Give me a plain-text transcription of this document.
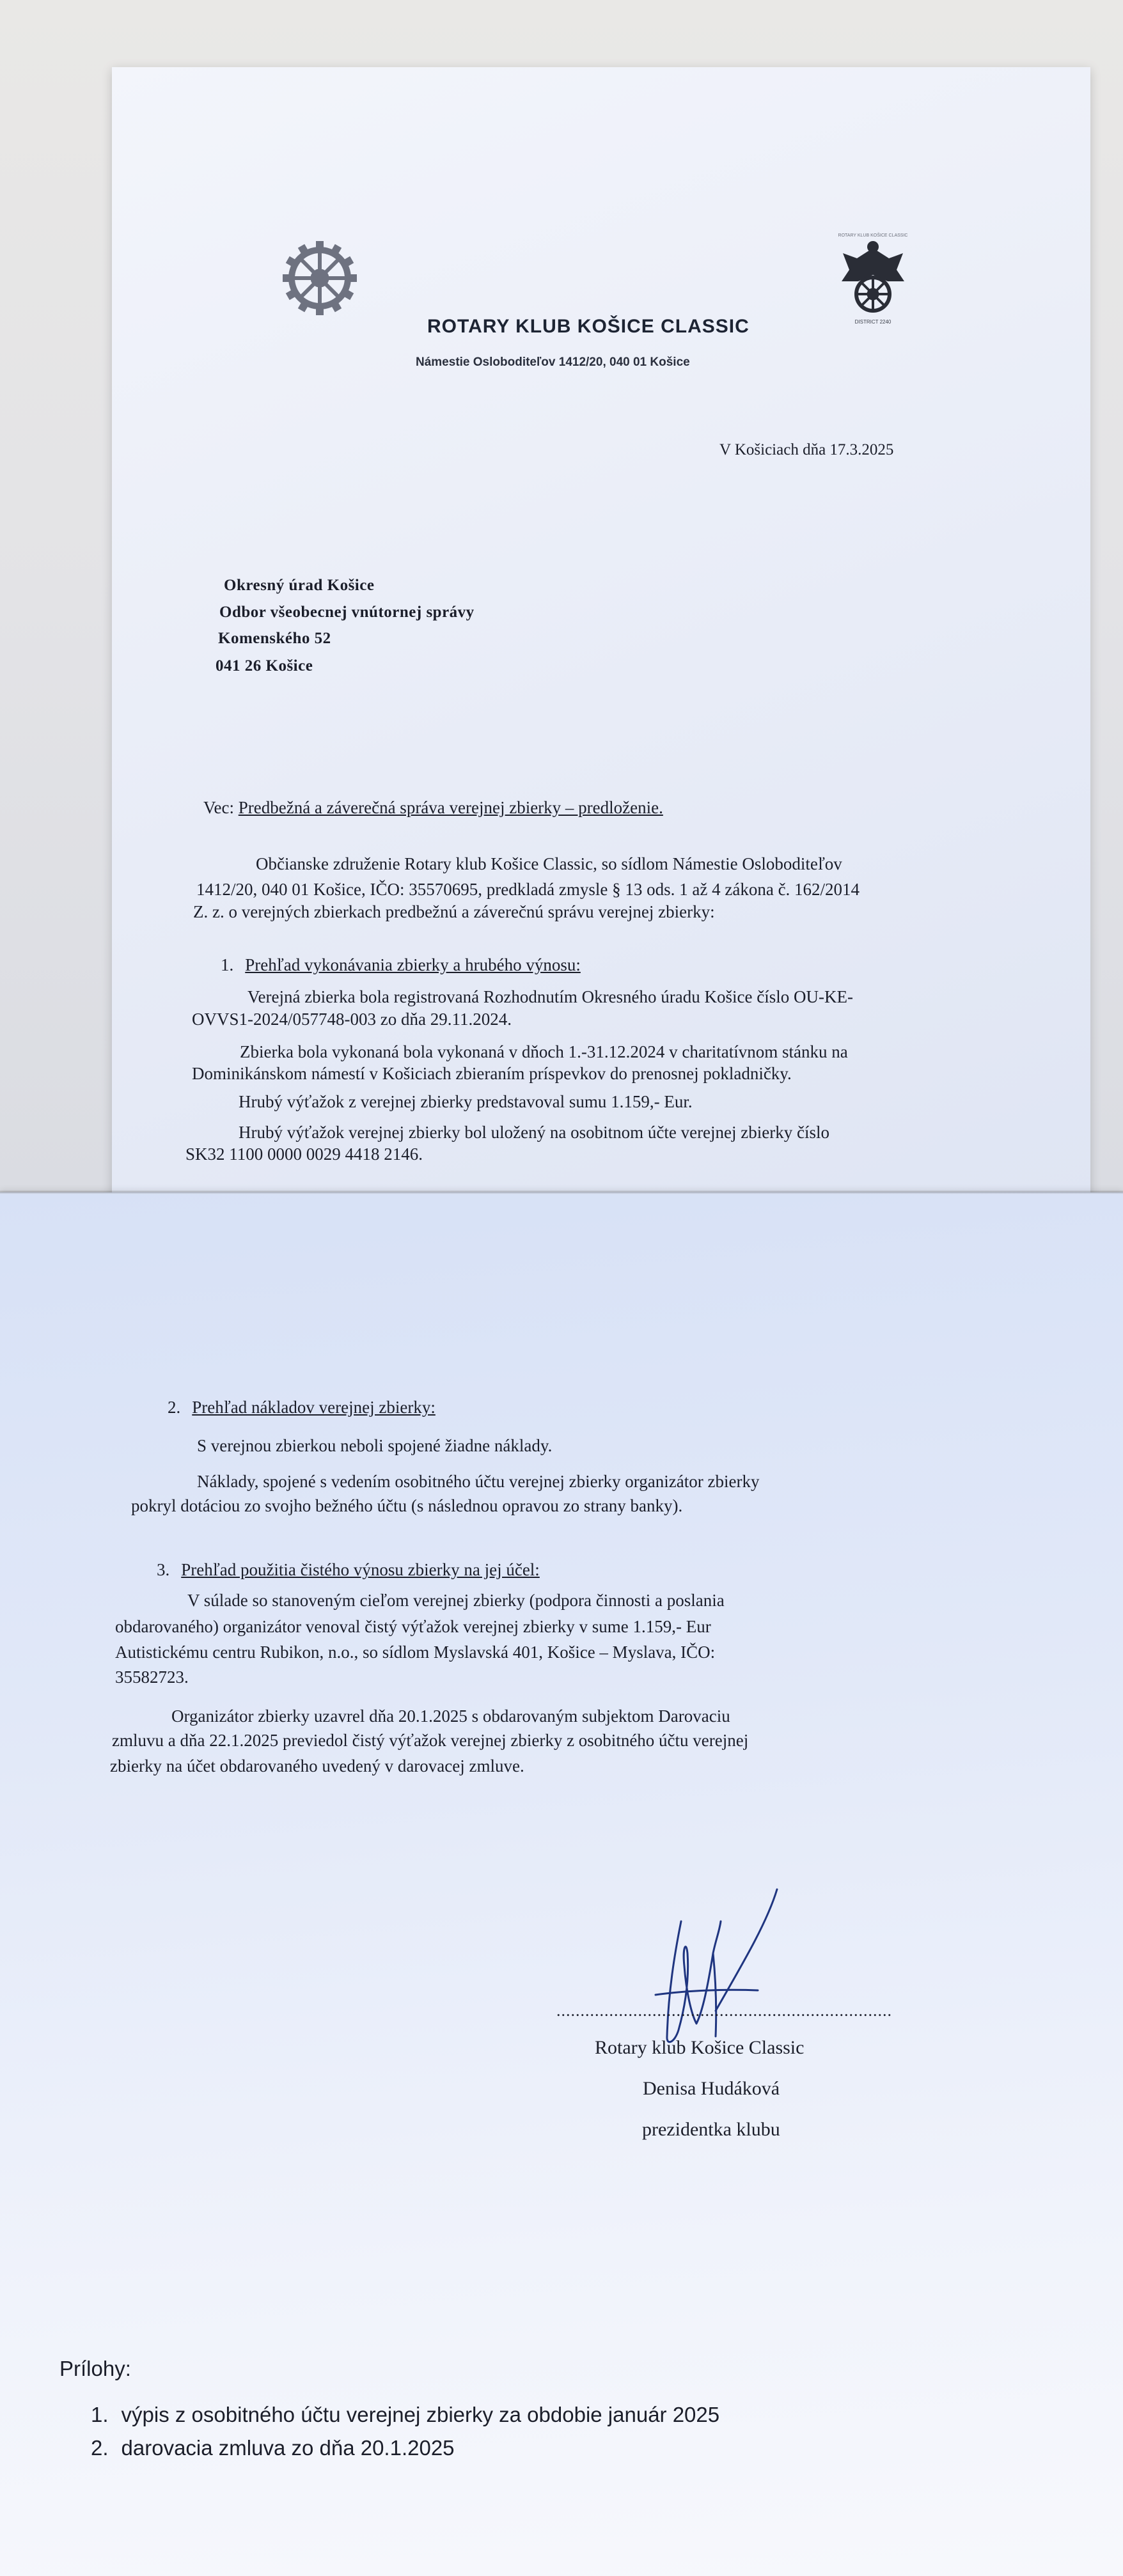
ROTARY KLUB KOŠICE CLASSIC
DISTRICT 2240
ROTARY KLUB KOŠICE CLASSIC
Námestie Osloboditeľov 1412/20, 040 01 Košice
V Košiciach dňa 17.3.2025
Okresný úrad Košice
Odbor všeobecnej vnútornej správy
Komenského 52
041 26 Košice
Vec: Predbežná a záverečná správa verejnej zbierky – predloženie.
Občianske združenie Rotary klub Košice Classic, so sídlom Námestie Osloboditeľov
1412/20, 040 01 Košice, IČO: 35570695, predkladá zmysle § 13 ods. 1 až 4 zákona č. 162/2014
Z. z. o verejných zbierkach predbežnú a záverečnú správu verejnej zbierky:
1. Prehľad vykonávania zbierky a hrubého výnosu:
Verejná zbierka bola registrovaná Rozhodnutím Okresného úradu Košice číslo OU-KE-
OVVS1-2024/057748-003 zo dňa 29.11.2024.
Zbierka bola vykonaná bola vykonaná v dňoch 1.-31.12.2024 v charitatívnom stánku na
Dominikánskom námestí v Košiciach zbieraním príspevkov do prenosnej pokladničky.
Hrubý výťažok z verejnej zbierky predstavoval sumu 1.159,- Eur.
Hrubý výťažok verejnej zbierky bol uložený na osobitnom účte verejnej zbierky číslo
SK32 1100 0000 0029 4418 2146.
2. Prehľad nákladov verejnej zbierky:
S verejnou zbierkou neboli spojené žiadne náklady.
Náklady, spojené s vedením osobitného účtu verejnej zbierky organizátor zbierky
pokryl dotáciou zo svojho bežného účtu (s následnou opravou zo strany banky).
3. Prehľad použitia čistého výnosu zbierky na jej účel:
V súlade so stanoveným cieľom verejnej zbierky (podpora činnosti a poslania
obdarovaného) organizátor venoval čistý výťažok verejnej zbierky v sume 1.159,- Eur
Autistickému centru Rubikon, n.o., so sídlom Myslavská 401, Košice – Myslava, IČO:
35582723.
Organizátor zbierky uzavrel dňa 20.1.2025 s obdarovaným subjektom Darovaciu
zmluvu a dňa 22.1.2025 previedol čistý výťažok verejnej zbierky z osobitného účtu verejnej
zbierky na účet obdarovaného uvedený v darovacej zmluve.
......................................................................
Rotary klub Košice Classic
Denisa Hudáková
prezidentka klubu
Prílohy:
1. výpis z osobitného účtu verejnej zbierky za obdobie január 2025
2. darovacia zmluva zo dňa 20.1.2025
